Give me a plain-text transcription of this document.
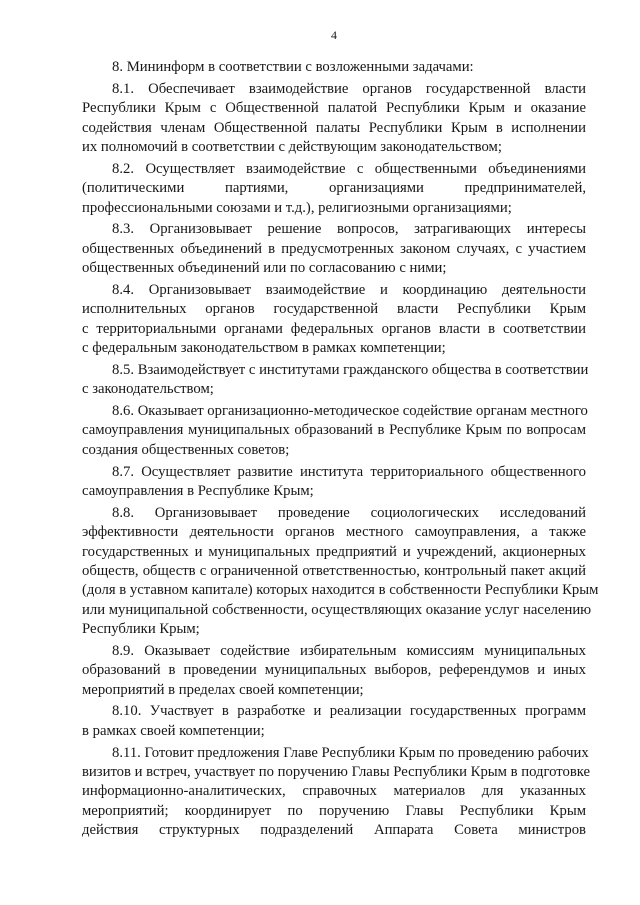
4
8. Мининформ в соответствии с возложенными задачами:
8.1. Обеспечивает взаимодействие органов государственной власти
Республики Крым с Общественной палатой Республики Крым и оказание
содействия членам Общественной палаты Республики Крым в исполнении
их полномочий в соответствии с действующим законодательством;
8.2. Осуществляет взаимодействие с общественными объединениями
(политическими партиями, организациями предпринимателей,
профессиональными союзами и т.д.), религиозными организациями;
8.3. Организовывает решение вопросов, затрагивающих интересы
общественных объединений в предусмотренных законом случаях, с участием
общественных объединений или по согласованию с ними;
8.4. Организовывает взаимодействие и координацию деятельности
исполнительных органов государственной власти Республики Крым
с территориальными органами федеральных органов власти в соответствии
с федеральным законодательством в рамках компетенции;
8.5. Взаимодействует с институтами гражданского общества в соответствии
с законодательством;
8.6. Оказывает организационно-методическое содействие органам местного
самоуправления муниципальных образований в Республике Крым по вопросам
создания общественных советов;
8.7. Осуществляет развитие института территориального общественного
самоуправления в Республике Крым;
8.8. Организовывает проведение социологических исследований
эффективности деятельности органов местного самоуправления, а также
государственных и муниципальных предприятий и учреждений, акционерных
обществ, обществ с ограниченной ответственностью, контрольный пакет акций
(доля в уставном капитале) которых находится в собственности Республики Крым
или муниципальной собственности, осуществляющих оказание услуг населению
Республики Крым;
8.9. Оказывает содействие избирательным комиссиям муниципальных
образований в проведении муниципальных выборов, референдумов и иных
мероприятий в пределах своей компетенции;
8.10. Участвует в разработке и реализации государственных программ
в рамках своей компетенции;
8.11. Готовит предложения Главе Республики Крым по проведению рабочих
визитов и встреч, участвует по поручению Главы Республики Крым в подготовке
информационно-аналитических, справочных материалов для указанных
мероприятий; координирует по поручению Главы Республики Крым
действия структурных подразделений Аппарата Совета министров
